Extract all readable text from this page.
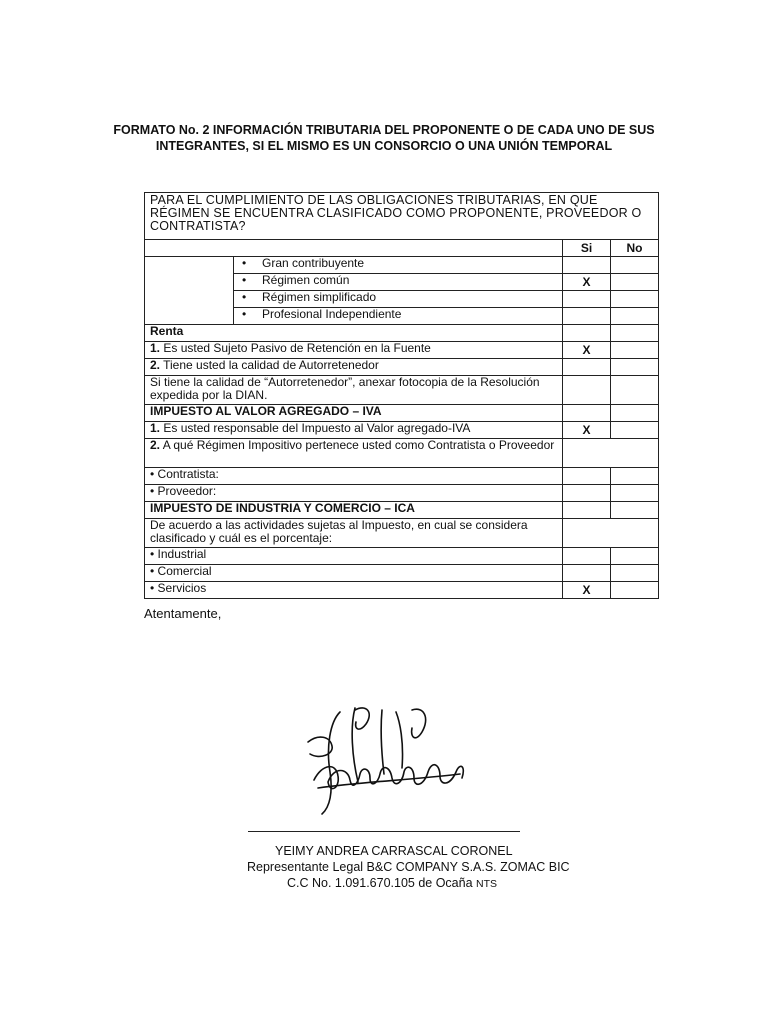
FORMATO No. 2 INFORMACIÓN TRIBUTARIA DEL PROPONENTE O DE CADA UNO DE SUS
INTEGRANTES, SI EL MISMO ES UN CONSORCIO O UNA UNIÓN TEMPORAL
PARA EL CUMPLIMIENTO DE LAS OBLIGACIONES TRIBUTARIAS, EN QUE RÉGIMEN SE ENCUENTRA CLASIFICADO COMO PROPONENTE, PROVEEDOR O CONTRATISTA?			
		Si	No
	• Gran contribuyente		
	• Régimen común	X	
	• Régimen simplificado		
	• Profesional Independiente		
Renta			
1. Es usted Sujeto Pasivo de Retención en la Fuente		X	
2. Tiene usted la calidad de Autorretenedor			
Si tiene la calidad de “Autorretenedor”, anexar fotocopia de la Resolución expedida por la DIAN.			
IMPUESTO AL VALOR AGREGADO – IVA			
1. Es usted responsable del Impuesto al Valor agregado-IVA		X	
2. A qué Régimen Impositivo pertenece usted como Contratista o Proveedor			
• Contratista:			
• Proveedor:			
IMPUESTO DE INDUSTRIA Y COMERCIO – ICA			
De acuerdo a las actividades sujetas al Impuesto, en cual se considera clasificado y cuál es el porcentaje:			
• Industrial			
• Comercial			
• Servicios		X	
Atentamente,
YEIMY ANDREA CARRASCAL CORONEL
Representante Legal B&C COMPANY S.A.S. ZOMAC BIC
C.C No. 1.091.670.105 de Ocaña NTS
